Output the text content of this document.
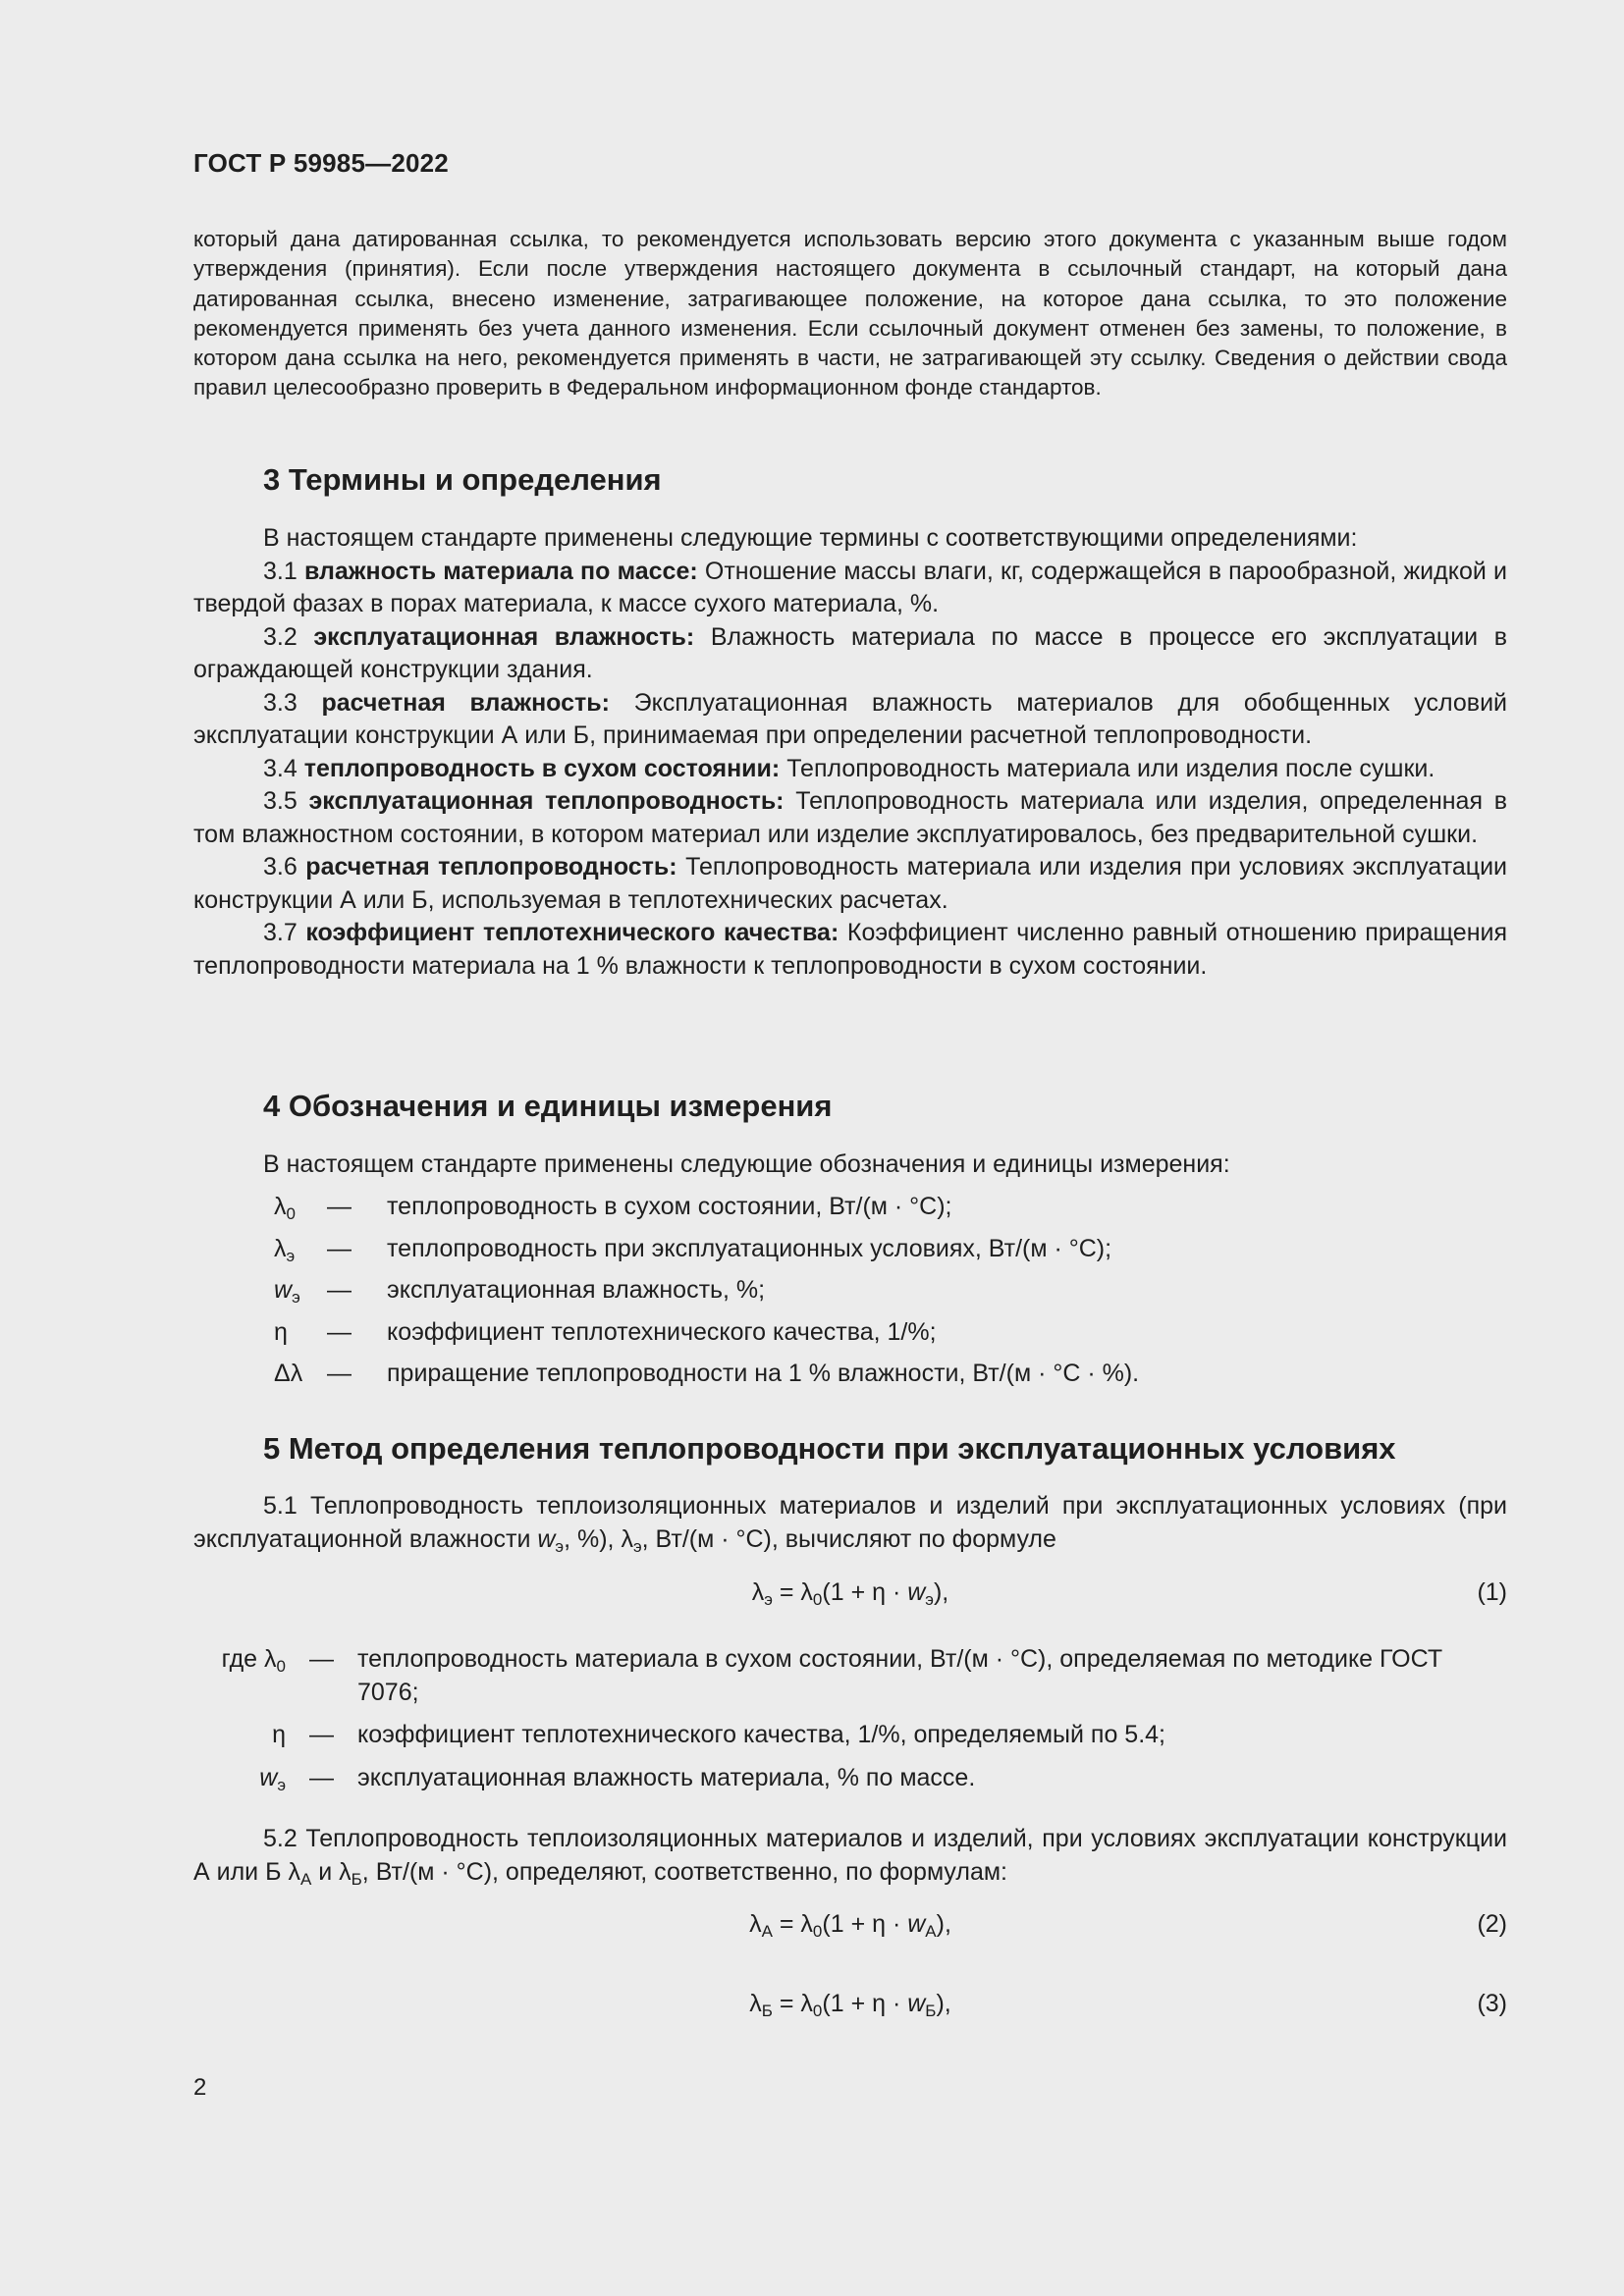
ГОСТ Р 59985—2022
который дана датированная ссылка, то рекомендуется использовать версию этого документа с указанным выше годом утверждения (принятия). Если после утверждения настоящего документа в ссылочный стандарт, на который дана датированная ссылка, внесено изменение, затрагивающее положение, на которое дана ссылка, то это положение рекомендуется применять без учета данного изменения. Если ссылочный документ отменен без замены, то положение, в котором дана ссылка на него, рекомендуется применять в части, не затрагивающей эту ссылку. Сведения о действии свода правил целесообразно проверить в Федеральном информационном фонде стандартов.
3 Термины и определения

В настоящем стандарте применены следующие термины с соответствующими определениями:

3.1 влажность материала по массе: Отношение массы влаги, кг, содержащейся в парообразной, жидкой и твердой фазах в порах материала, к массе сухого материала, %.

3.2 эксплуатационная влажность: Влажность материала по массе в процессе его эксплуатации в ограждающей конструкции здания.

3.3 расчетная влажность: Эксплуатационная влажность материалов для обобщенных условий эксплуатации конструкции А или Б, принимаемая при определении расчетной теплопроводности.

3.4 теплопроводность в сухом состоянии: Теплопроводность материала или изделия после сушки.

3.5 эксплуатационная теплопроводность: Теплопроводность материала или изделия, определенная в том влажностном состоянии, в котором материал или изделие эксплуатировалось, без предварительной сушки.

3.6 расчетная теплопроводность: Теплопроводность материала или изделия при условиях эксплуатации конструкции А или Б, используемая в теплотехнических расчетах.

3.7 коэффициент теплотехнического качества: Коэффициент численно равный отношению приращения теплопроводности материала на 1 % влажности к теплопроводности в сухом состоянии.

4 Обозначения и единицы измерения

В настоящем стандарте применены следующие обозначения и единицы измерения:

$\lambda_0$	—	теплопроводность в сухом состоянии, Вт/(м · °С);
$\lambda_э$	—	теплопроводность при эксплуатационных условиях, Вт/(м · °С);
$w_э$	—	эксплуатационная влажность, %;
η	—	коэффициент теплотехнического качества, 1/%;
Δλ —	приращение теплопроводности на 1 % влажности, Вт/(м · °С · %).
5 Метод определения теплопроводности при эксплуатационных условиях

5.1 Теплопроводность теплоизоляционных материалов и изделий при эксплуатационных условиях (при эксплуатационной влажности $w_э$, %), $\lambda_э$, Вт/(м · °С), вычисляют по формуле

$\lambda_э = \lambda_0(1 + \eta \cdot w_э)$,	(1)
где $\lambda_0$ — теплопроводность материала в сухом состоянии, Вт/(м · °С), определяемая по методике ГОСТ 7076;
η — коэффициент теплотехнического качества, 1/%, определяемый по 5.4;
$w_э$ — эксплуатационная влажность материала, % по массе.

5.2 Теплопроводность теплоизоляционных материалов и изделий, при условиях эксплуатации конструкции А или Б $\lambda_А$ и $\lambda_Б$, Вт/(м · °С), определяют, соответственно, по формулам:

$\lambda_А = \lambda_0(1 + \eta \cdot w_А)$,	(2)
$\lambda_Б = \lambda_0(1 + \eta \cdot w_Б)$,	(3)
2
